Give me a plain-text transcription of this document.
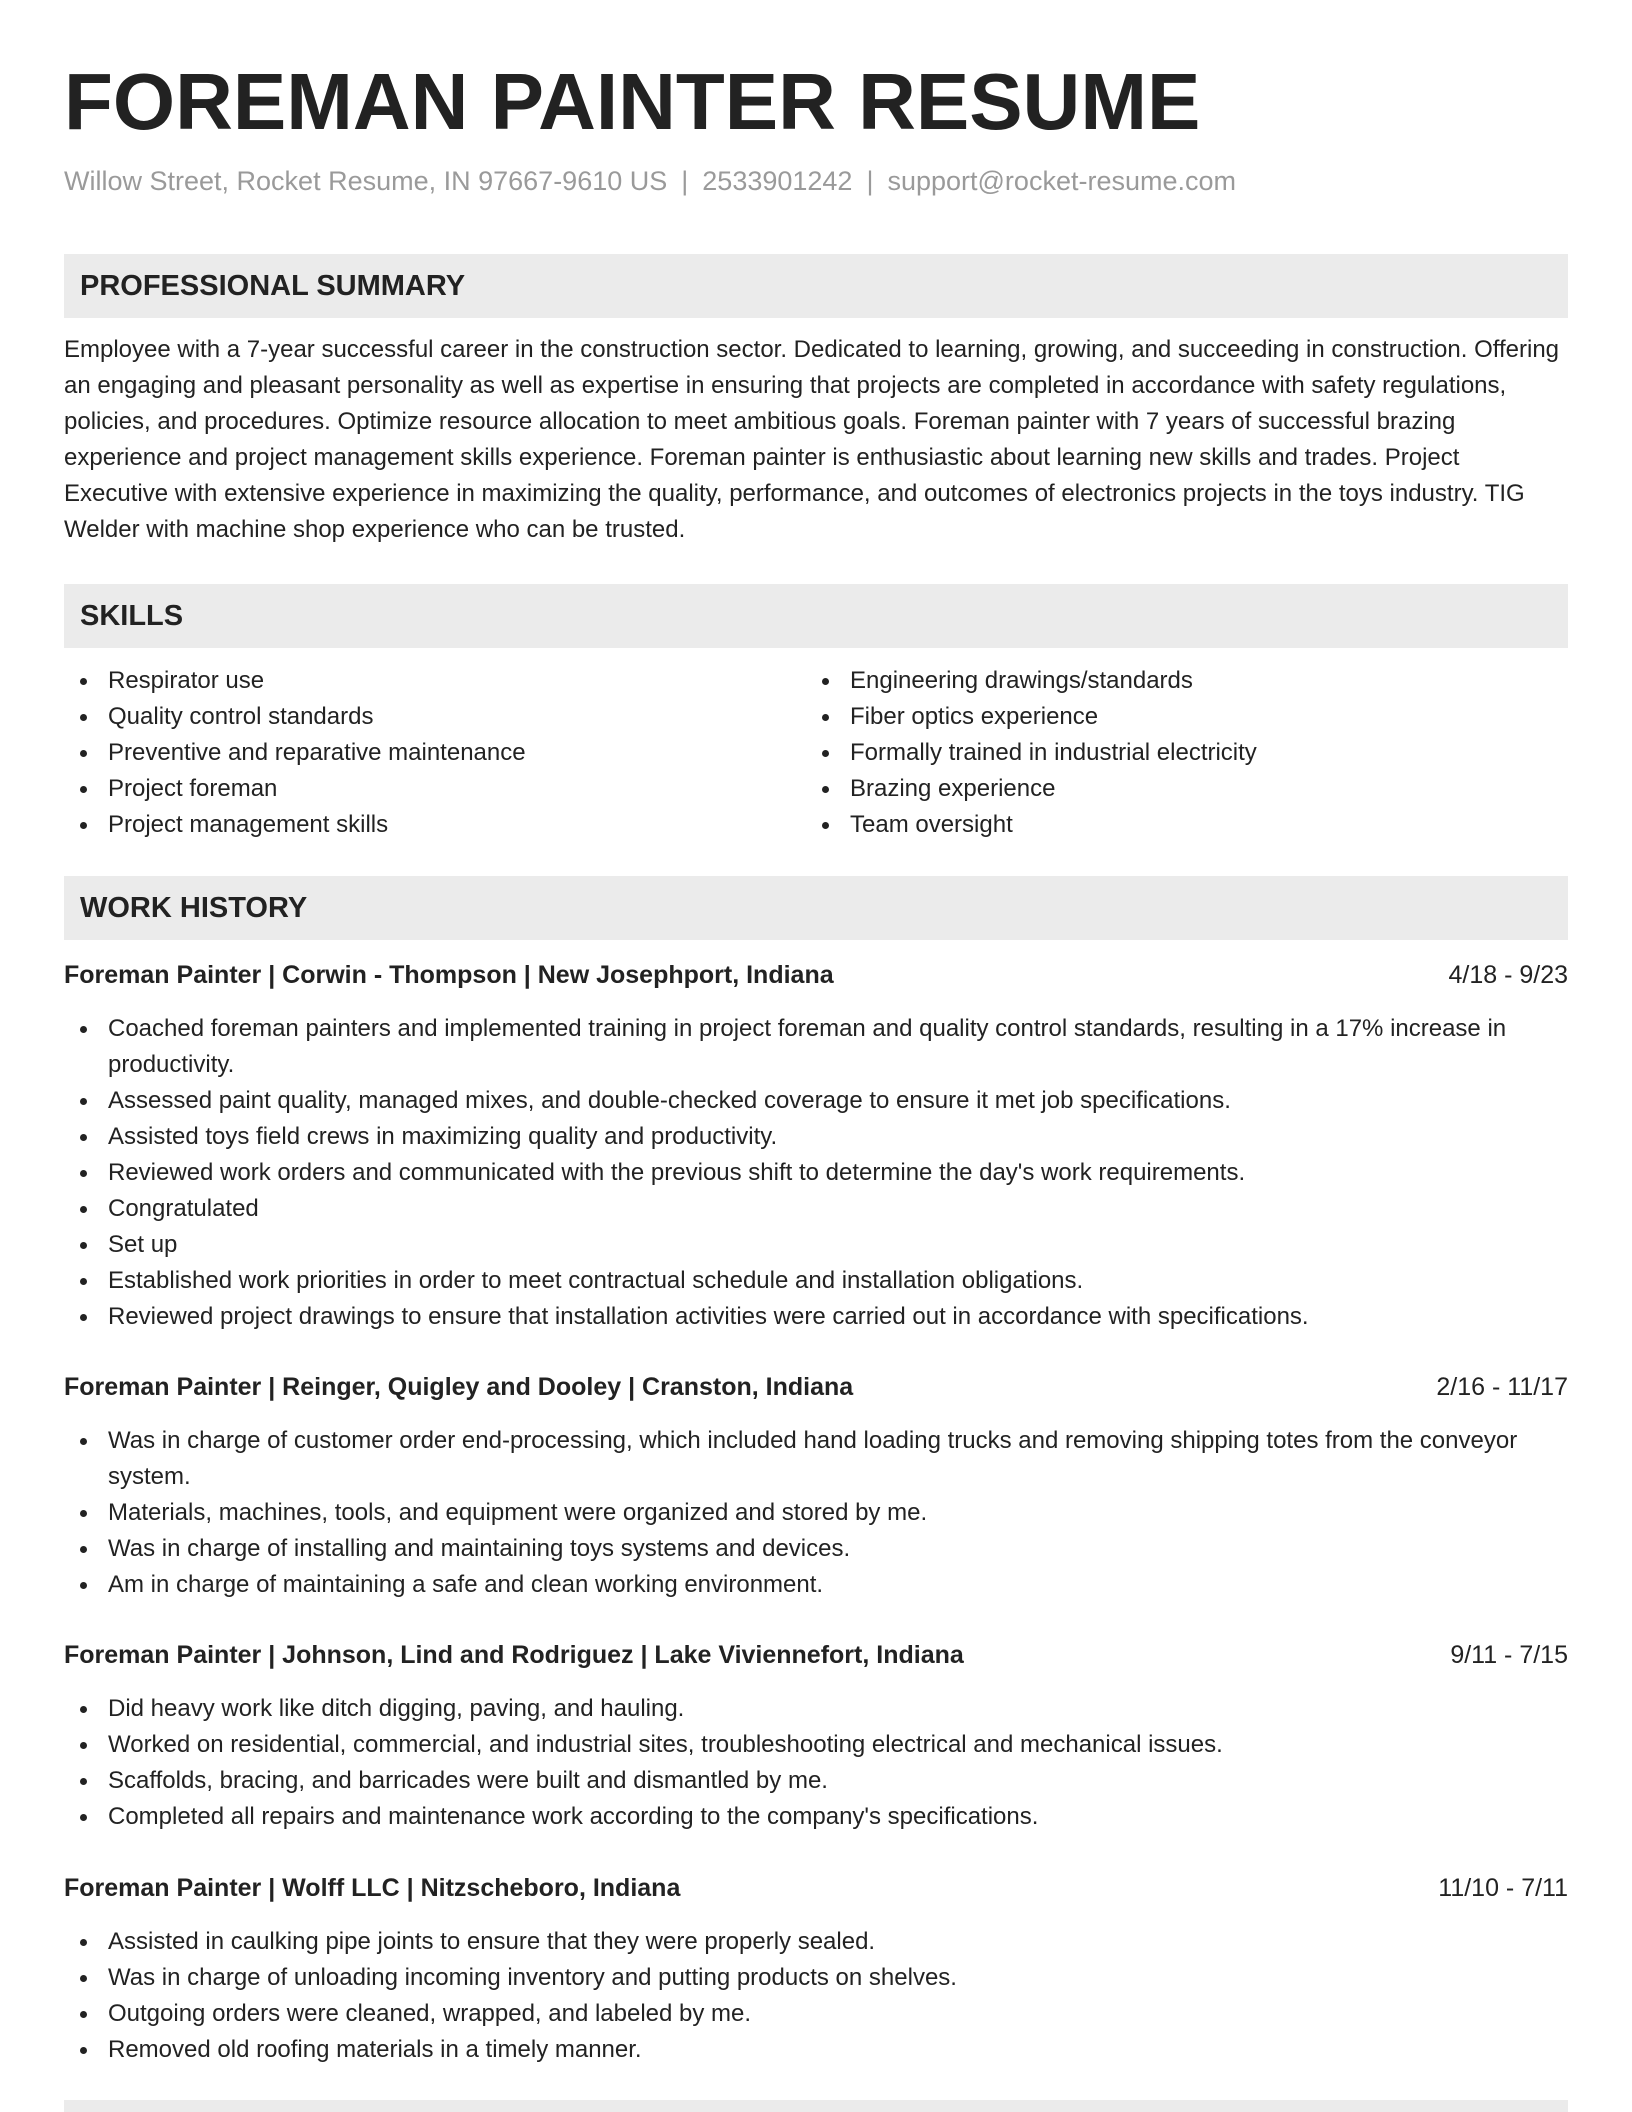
FOREMAN PAINTER RESUME
Willow Street, Rocket Resume, IN 97667-9610 US | 2533901242 | support@rocket-resume.com
PROFESSIONAL SUMMARY

Employee with a 7-year successful career in the construction sector. Dedicated to learning, growing, and succeeding in construction. Offering an engaging and pleasant personality as well as expertise in ensuring that projects are completed in accordance with safety regulations, policies, and procedures. Optimize resource allocation to meet ambitious goals. Foreman painter with 7 years of successful brazing experience and project management skills experience. Foreman painter is enthusiastic about learning new skills and trades. Project Executive with extensive experience in maximizing the quality, performance, and outcomes of electronics projects in the toys industry. TIG Welder with machine shop experience who can be trusted.

SKILLS
Respirator use
Quality control standards
Preventive and reparative maintenance
Project foreman
Project management skills
Engineering drawings/standards
Fiber optics experience
Formally trained in industrial electricity
Brazing experience
Team oversight
WORK HISTORY
Foreman Painter | Corwin - Thompson | New Josephport, Indiana	4/18 - 9/23
Coached foreman painters and implemented training in project foreman and quality control standards, resulting in a 17% increase in productivity.
Assessed paint quality, managed mixes, and double-checked coverage to ensure it met job specifications.
Assisted toys field crews in maximizing quality and productivity.
Reviewed work orders and communicated with the previous shift to determine the day's work requirements.
Congratulated
Set up
Established work priorities in order to meet contractual schedule and installation obligations.
Reviewed project drawings to ensure that installation activities were carried out in accordance with specifications.
Foreman Painter | Reinger, Quigley and Dooley | Cranston, Indiana	2/16 - 11/17
Was in charge of customer order end-processing, which included hand loading trucks and removing shipping totes from the conveyor system.
Materials, machines, tools, and equipment were organized and stored by me.
Was in charge of installing and maintaining toys systems and devices.
Am in charge of maintaining a safe and clean working environment.
Foreman Painter | Johnson, Lind and Rodriguez | Lake Viviennefort, Indiana	9/11 - 7/15
Did heavy work like ditch digging, paving, and hauling.
Worked on residential, commercial, and industrial sites, troubleshooting electrical and mechanical issues.
Scaffolds, bracing, and barricades were built and dismantled by me.
Completed all repairs and maintenance work according to the company's specifications.
Foreman Painter | Wolff LLC | Nitzscheboro, Indiana	11/10 - 7/11
Assisted in caulking pipe joints to ensure that they were properly sealed.
Was in charge of unloading incoming inventory and putting products on shelves.
Outgoing orders were cleaned, wrapped, and labeled by me.
Removed old roofing materials in a timely manner.
